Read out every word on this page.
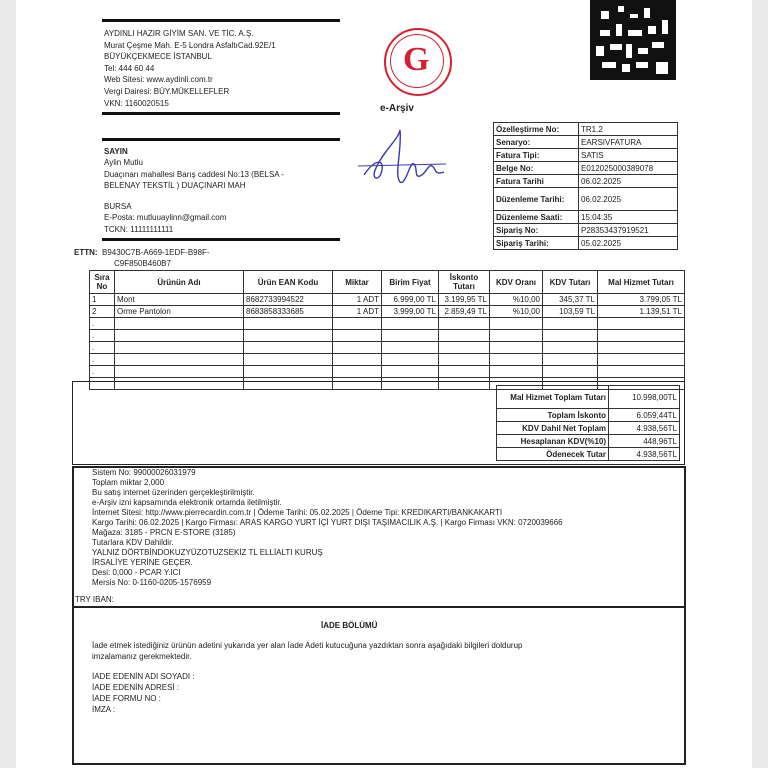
AYDINLI HAZIR GİYİM SAN. VE TİC. A.Ş.
Murat Çeşme Mah. E-5 Londra AsfaltıCad.92E/1
BÜYÜKÇEKMECE İSTANBUL
Tel: 444 60 44
Web Sitesi: www.aydinli.com.tr
Vergi Dairesi: BÜY.MÜKELLEFLER
VKN: 1160020515
G
e-Arşiv
SAYIN
Aylin Mutlu
Duaçınarı mahallesi Barış caddesi No:13 (BELSA -
BELENAY TEKSTİL ) DUAÇINARI MAH
BURSA
E-Posta: mutluuaylinn@gmail.com
TCKN: 11111111111
Özelleştirme No:	TR1.2
Senaryo:	EARSIVFATURA
Fatura Tipi:	SATIS
Belge No:	E012025000389078
Fatura Tarihi	06.02.2025
Düzenleme Tarihi:	06.02.2025
Düzenleme Saati:	15:04:35
Sipariş No:	P28353437919521
Sipariş Tarihi:	05.02.2025
ETTN: B9430C7B-A669-1EDF-B98F-
C9F850B460B7
Sıra No	Ürünün Adı	Ürün EAN Kodu	Miktar	Birim Fiyat	İskonto Tutarı	KDV Oranı	KDV Tutarı	Mal Hizmet Tutarı
1	Mont	8682733994522	1 ADT	6.999,00 TL	3.199,95 TL	%10,00	345,37 TL	3.799,05 TL
2	Orme Pantolon	8683858333685	1 ADT	3.999,00 TL	2.859,49 TL	%10,00	103,59 TL	1.139,51 TL
.								
.								
.								
.								
.								

Mal Hizmet Toplam Tutarı	10.998,00TL
Toplam İskonto	6.059,44TL
KDV Dahil Net Toplam	4.938,56TL
Hesaplanan KDV(%10)	448,96TL
Ödenecek Tutar	4.938,56TL
Sistem No: 99000026031979
Toplam miktar 2,000
Bu satış internet üzerinden gerçekleştirilmiştir.
e-Arşiv izni kapsamında elektronik ortamda iletilmiştir.
İnternet Sitesi: http://www.pierrecardin.com.tr | Ödeme Tarihi: 05.02.2025 | Ödeme Tipi: KREDIKARTI/BANKAKARTI
Kargo Tarihi: 06.02.2025 | Kargo Firması: ARAS KARGO YURT İÇİ YURT DIŞI TAŞIMACILIK A.Ş. | Kargo Firması VKN: 0720039666
Mağaza: 3185 - PRCN E-STORE (3185)
Tutarlara KDV Dahildir.
YALNIZ DÖRTBİNDOKUZYÜZOTUZSEKİZ TL ELLİALTI KURUŞ
İRSALİYE YERİNE GEÇER.
Desi: 0,000 - PCAR Y.ICI
Mersis No: 0-1160-0205-1576959
TRY IBAN:
İADE BÖLÜMÜ
İade etmek istediğiniz ürünün adetini yukarıda yer alan İade Adeti kutucuğuna yazdıktan sonra aşağıdaki bilgileri doldurup
imzalamanız gerekmektedir.
İADE EDENİN ADI SOYADI :
İADE EDENİN ADRESİ :
İADE FORMU NO :
İMZA :
